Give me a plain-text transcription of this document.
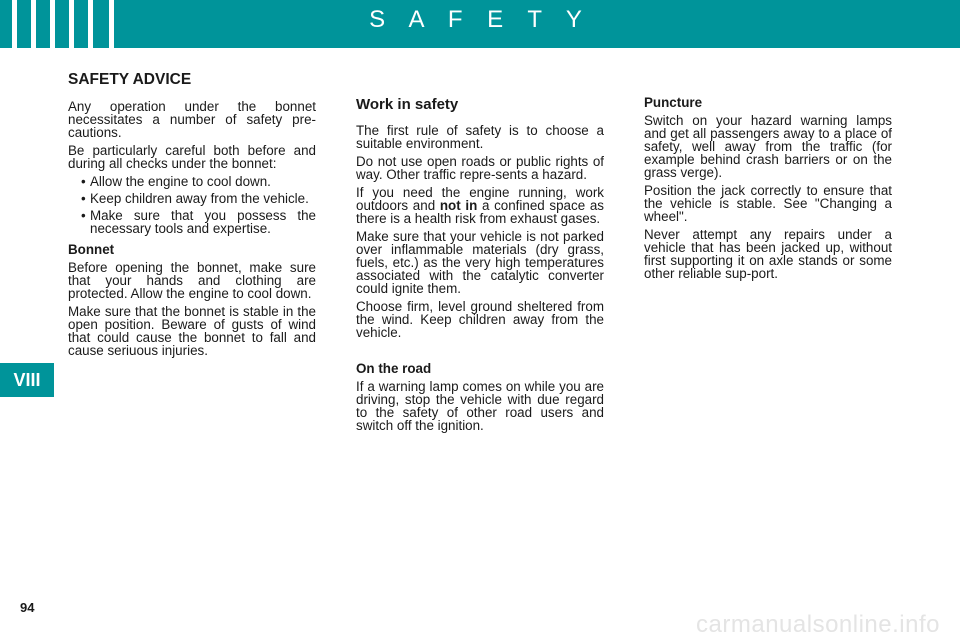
S A F E T Y
VIII
SAFETY ADVICE

Any operation under the bonnet necessitates a number of safety pre-cautions.

Be particularly careful both before and during all checks under the bonnet:

• Allow the engine to cool down.
• Keep children away from the vehicle.
• Make sure that you possess the necessary tools and expertise.
Bonnet

Before opening the bonnet, make sure that your hands and clothing are protected. Allow the engine to cool down.

Make sure that the bonnet is stable in the open position. Beware of gusts of wind that could cause the bonnet to fall and cause seriuous injuries.

Work in safety

The first rule of safety is to choose a suitable environment.

Do not use open roads or public rights of way. Other traffic repre-sents a hazard.

If you need the engine running, work outdoors and not in a confined space as there is a health risk from exhaust gases.

Make sure that your vehicle is not parked over inflammable materials (dry grass, fuels, etc.) as the very high temperatures associated with the catalytic converter could ignite them.

Choose firm, level ground sheltered from the wind. Keep children away from the vehicle.

On the road

If a warning lamp comes on while you are driving, stop the vehicle with due regard to the safety of other road users and switch off the ignition.

Puncture

Switch on your hazard warning lamps and get all passengers away to a place of safety, well away from the traffic (for example behind crash barriers or on the grass verge).

Position the jack correctly to ensure that the vehicle is stable. See "Changing a wheel".

Never attempt any repairs under a vehicle that has been jacked up, without first supporting it on axle stands or some other reliable sup-port.

94
carmanualsonline.info
